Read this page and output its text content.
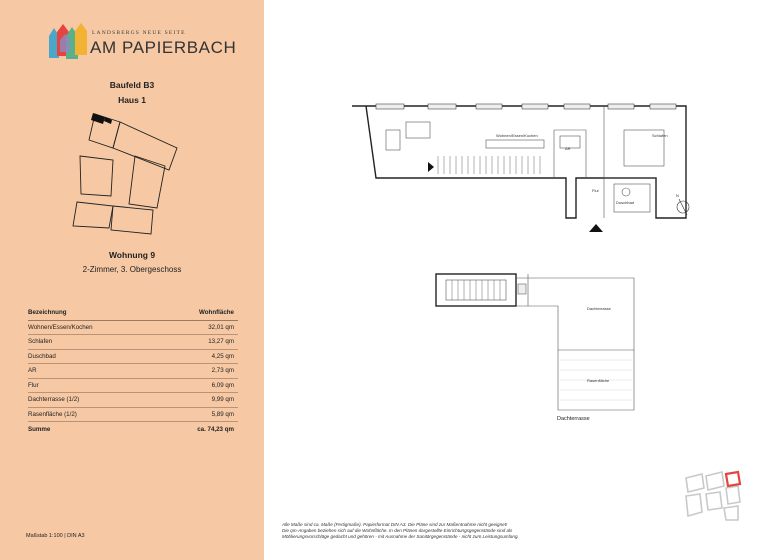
LANDSBERGS NEUE SEITE
AM PAPIERBACH
Baufeld B3
Haus 1
Wohnung 9
2-Zimmer, 3. Obergeschoss
Bezeichnung	Wohnfläche
Wohnen/Essen/Kochen	32,01 qm
Schlafen	13,27 qm
Duschbad	4,25 qm
AR	2,73 qm
Flur	6,09 qm
Dachterrasse (1/2)	9,99 qm
Rasenfläche (1/2)	5,89 qm
Summe	ca. 74,23 qm
Maßstab 1:100 | DIN A3
Wohnen/Essen/Kochen	Schlafen
AR
Flur
Duschbad
N
Dachterrasse
Rasenfläche
Dachterrasse

Alle Maße sind ca. Maße (Fertigmaße). Papierformat DIN A3. Die Pläne sind zur Maßentnahme nicht geeignet!

Die qm-Angaben beziehen sich auf die Wohnfläche. In den Plänen dargestellte Einrichtungsgegenstände sind als

Möblierungsvorschläge gedacht und gehören - mit Ausnahme der Sanitärgegenstände - nicht zum Leistungsumfang.
